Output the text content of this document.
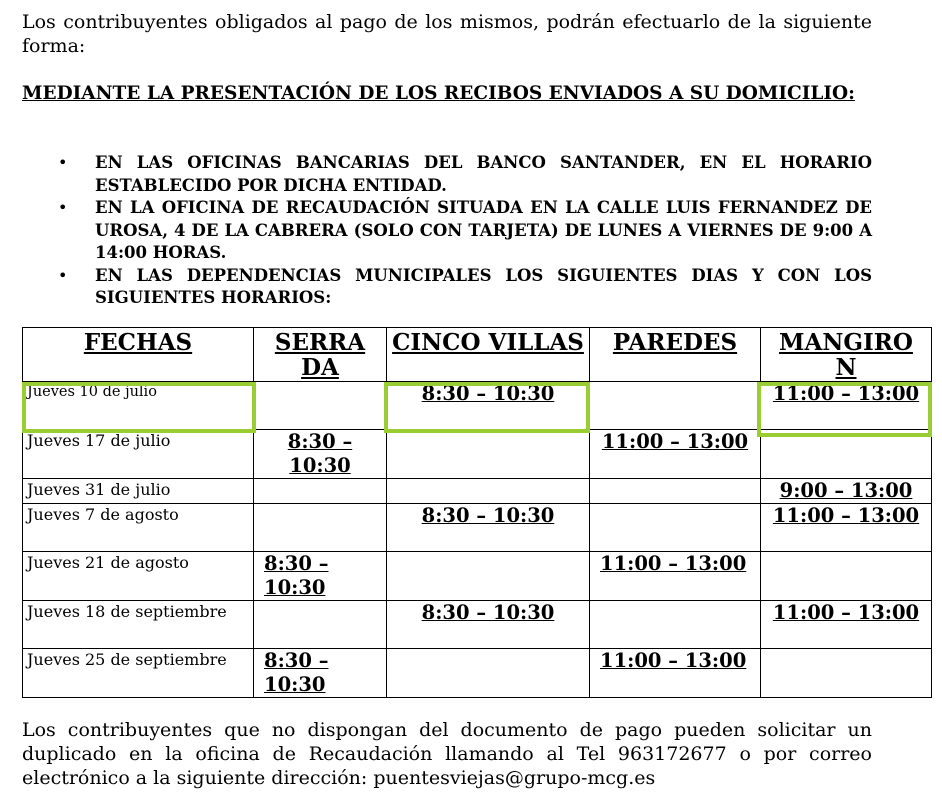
Los contribuyentes obligados al pago de los mismos, podrán efectuarlo de la siguiente forma:

MEDIANTE LA PRESENTACIÓN DE LOS RECIBOS ENVIADOS A SU DOMICILIO:
• EN LAS OFICINAS BANCARIAS DEL BANCO SANTANDER, EN EL HORARIO ESTABLECIDO POR DICHA ENTIDAD.
• EN LA OFICINA DE RECAUDACIÓN SITUADA EN LA CALLE LUIS FERNANDEZ DE UROSA, 4 DE LA CABRERA (SOLO CON TARJETA) DE LUNES A VIERNES DE 9:00 A 14:00 HORAS.
• EN LAS DEPENDENCIAS MUNICIPALES LOS SIGUIENTES DIAS Y CON LOS SIGUIENTES HORARIOS:
FECHAS	SERRA DA	CINCO VILLAS	PAREDES	MANGIRO N
Jueves 10 de julio		8:30 – 10:30		11:00 – 13:00
Jueves 17 de julio	8:30 – 10:30		11:00 – 13:00	
Jueves 31 de julio				9:00 – 13:00
Jueves 7 de agosto		8:30 – 10:30		11:00 – 13:00
Jueves 21 de agosto	8:30 – 10:30		11:00 – 13:00	
Jueves 18 de septiembre		8:30 – 10:30		11:00 – 13:00
Jueves 25 de septiembre	8:30 – 10:30		11:00 – 13:00	

Los contribuyentes que no dispongan del documento de pago pueden solicitar un duplicado en la oficina de Recaudación llamando al Tel 963172677 o por correo electrónico a la siguiente dirección: puentesviejas@grupo-mcg.es
